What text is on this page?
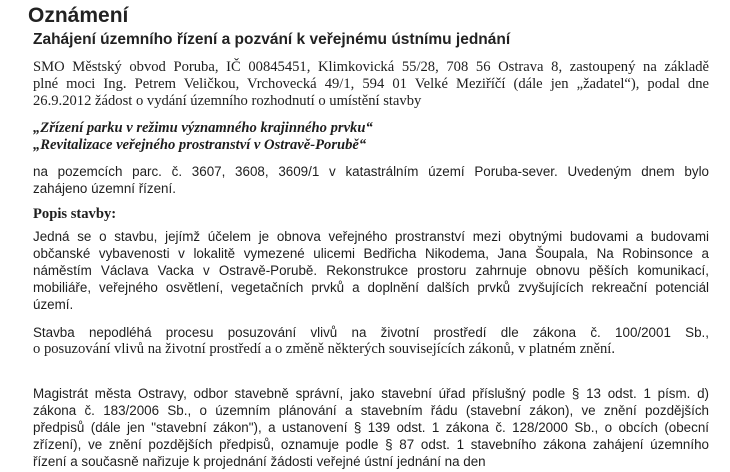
Oznámení
Zahájení územního řízení a pozvání k veřejnému ústnímu jednání
SMO Městský obvod Poruba, IČ 00845451, Klimkovická 55/28, 708 56 Ostrava 8, zastoupený na základě
plné moci Ing. Petrem Veličkou, Vrchovecká 49/1, 594 01 Velké Meziříčí (dále jen „žadatel“), podal dne
26.9.2012 žádost o vydání územního rozhodnutí o umístění stavby
„Zřízení parku v režimu významného krajinného prvku“
„Revitalizace veřejného prostranství v Ostravě-Porubě“
na pozemcích parc. č. 3607, 3608, 3609/1 v katastrálním území Poruba-sever. Uvedeným dnem bylo
zahájeno územní řízení.
Popis stavby:
Jedná se o stavbu, jejímž účelem je obnova veřejného prostranství mezi obytnými budovami a budovami
občanské vybavenosti v lokalitě vymezené ulicemi Bedřicha Nikodema, Jana Šoupala, Na Robinsonce a
náměstím Václava Vacka v Ostravě-Porubě. Rekonstrukce prostoru zahrnuje obnovu pěších komunikací,
mobiliáře, veřejného osvětlení, vegetačních prvků a doplnění dalších prvků zvyšujících rekreační potenciál
území.
Stavba nepodléhá procesu posuzování vlivů na životní prostředí dle zákona č. 100/2001 Sb.,
o posuzování vlivů na životní prostředí a o změně některých souvisejících zákonů, v platném znění.
Magistrát města Ostravy, odbor stavebně správní, jako stavební úřad příslušný podle § 13 odst. 1 písm. d)
zákona č. 183/2006 Sb., o územním plánování a stavebním řádu (stavební zákon), ve znění pozdějších
předpisů (dále jen "stavební zákon"), a ustanovení § 139 odst. 1 zákona č. 128/2000 Sb., o obcích (obecní
zřízení), ve znění pozdějších předpisů, oznamuje podle § 87 odst. 1 stavebního zákona zahájení územního
řízení a současně nařizuje k projednání žádosti veřejné ústní jednání na den
